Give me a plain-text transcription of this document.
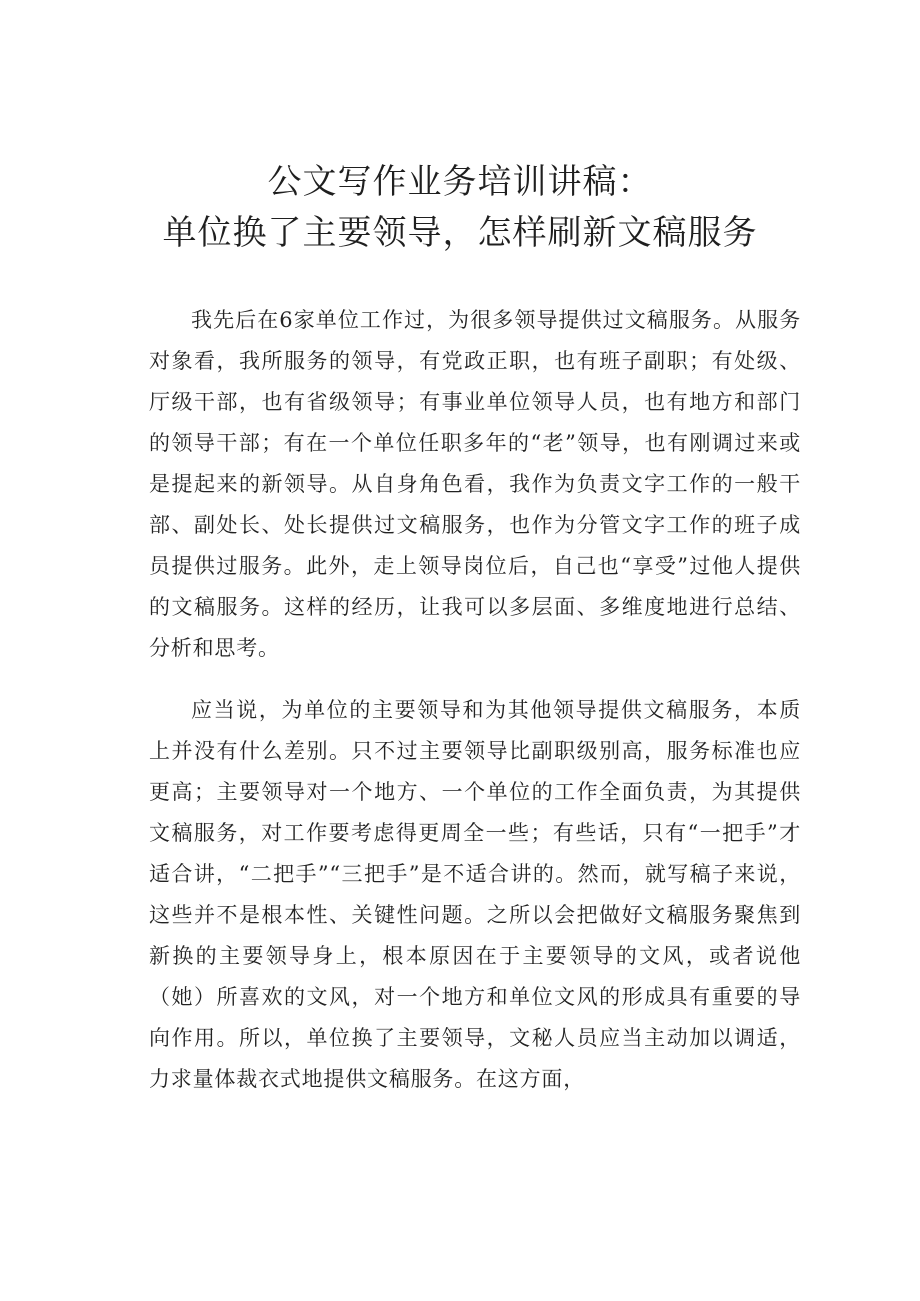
公文写作业务培训讲稿：
单位换了主要领导，怎样刷新文稿服务

我先后在6家单位工作过，为很多领导提供过文稿服务。从服务对象看，我所服务的领导，有党政正职，也有班子副职；有处级、厅级干部，也有省级领导；有事业单位领导人员，也有地方和部门的领导干部；有在一个单位任职多年的“老”领导，也有刚调过来或是提起来的新领导。从自身角色看，我作为负责文字工作的一般干部、副处长、处长提供过文稿服务，也作为分管文字工作的班子成员提供过服务。此外，走上领导岗位后，自己也“享受”过他人提供的文稿服务。这样的经历，让我可以多层面、多维度地进行总结、分析和思考。

应当说，为单位的主要领导和为其他领导提供文稿服务，本质上并没有什么差别。只不过主要领导比副职级别高，服务标准也应更高；主要领导对一个地方、一个单位的工作全面负责，为其提供文稿服务，对工作要考虑得更周全一些；有些话，只有“一把手”才适合讲，“二把手”“三把手”是不适合讲的。然而，就写稿子来说，这些并不是根本性、关键性问题。之所以会把做好文稿服务聚焦到新换的主要领导身上，根本原因在于主要领导的文风，或者说他（她）所喜欢的文风，对一个地方和单位文风的形成具有重要的导向作用。所以，单位换了主要领导，文秘人员应当主动加以调适，力求量体裁衣式地提供文稿服务。在这方面，
